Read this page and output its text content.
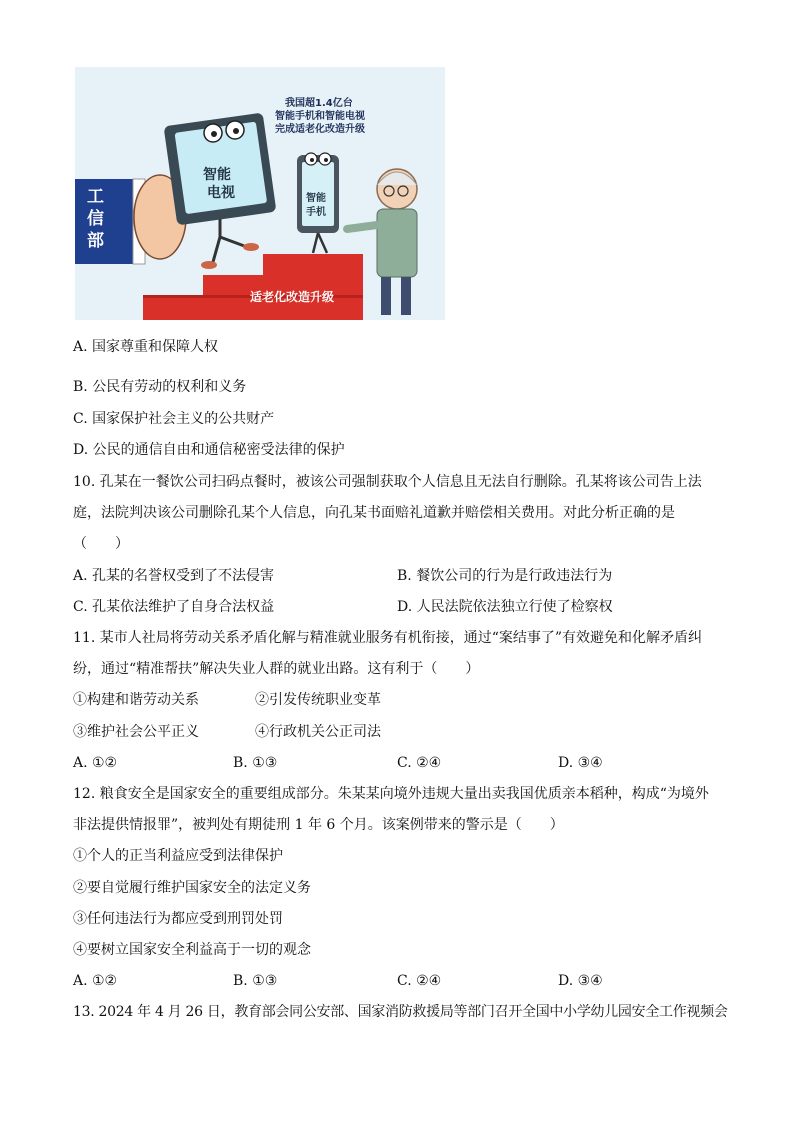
适老化改造升级
工
信
部
智能
电视	智能
手机
我国超1.4亿台
智能手机和智能电视
完成适老化改造升级
A. 国家尊重和保障人权
B. 公民有劳动的权利和义务
C. 国家保护社会主义的公共财产
D. 公民的通信自由和通信秘密受法律的保护
10. 孔某在一餐饮公司扫码点餐时，被该公司强制获取个人信息且无法自行删除。孔某将该公司告上法
庭，法院判决该公司删除孔某个人信息，向孔某书面赔礼道歉并赔偿相关费用。对此分析正确的是
（　　）
A. 孔某的名誉权受到了不法侵害	B. 餐饮公司的行为是行政违法行为
C. 孔某依法维护了自身合法权益	D. 人民法院依法独立行使了检察权
11. 某市人社局将劳动关系矛盾化解与精准就业服务有机衔接，通过“案结事了”有效避免和化解矛盾纠
纷，通过“精准帮扶”解决失业人群的就业出路。这有利于（　　）
①构建和谐劳动关系	②引发传统职业变革
③维护社会公平正义	④行政机关公正司法
A. ①②	B. ①③	C. ②④	D. ③④
12. 粮食安全是国家安全的重要组成部分。朱某某向境外违规大量出卖我国优质亲本稻种，构成“为境外
非法提供情报罪”，被判处有期徒刑 1 年 6 个月。该案例带来的警示是（　　）
①个人的正当利益应受到法律保护
②要自觉履行维护国家安全的法定义务
③任何违法行为都应受到刑罚处罚
④要树立国家安全利益高于一切的观念
A. ①②	B. ①③	C. ②④	D. ③④
13. 2024 年 4 月 26 日，教育部会同公安部、国家消防救援局等部门召开全国中小学幼儿园安全工作视频会
